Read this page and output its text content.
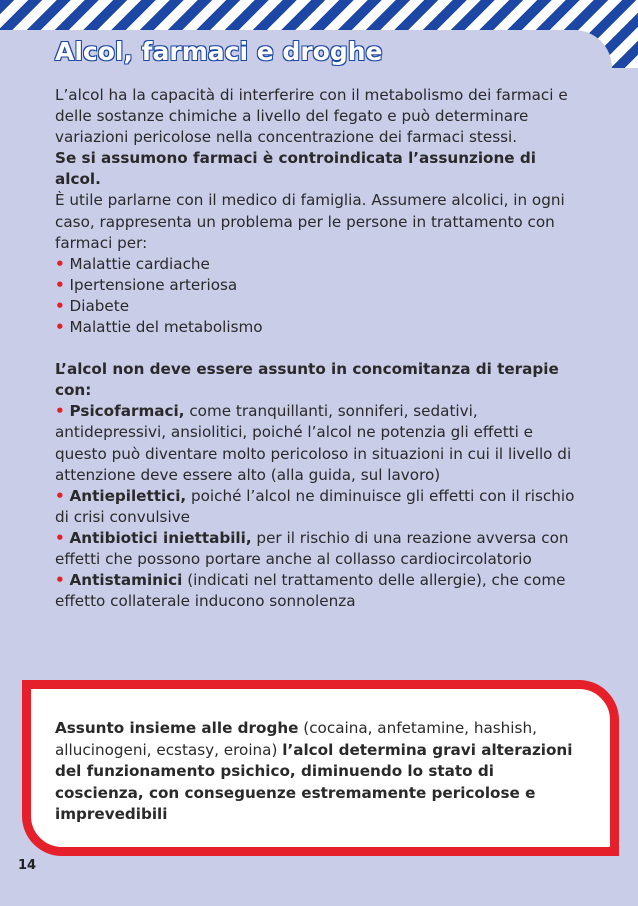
Alcol, farmaci e droghe

L’alcol ha la capacità di interferire con il metabolismo dei farmaci e delle sostanze chimiche a livello del fegato e può determinare variazioni pericolose nella concentrazione dei farmaci stessi.

Se si assumono farmaci è controindicata l’assunzione di alcol.

È utile parlarne con il medico di famiglia. Assumere alcolici, in ogni caso, rappresenta un problema per le persone in trattamento con farmaci per:

• Malattie cardiache

• Ipertensione arteriosa

• Diabete

• Malattie del metabolismo

L’alcol non deve essere assunto in concomitanza di terapie con:

• Psicofarmaci, come tranquillanti, sonniferi, sedativi, antidepressivi, ansiolitici, poiché l’alcol ne potenzia gli effetti e questo può diventare molto pericoloso in situazioni in cui il livello di attenzione deve essere alto (alla guida, sul lavoro)

• Antiepilettici, poiché l’alcol ne diminuisce gli effetti con il rischio di crisi convulsive

• Antibiotici iniettabili, per il rischio di una reazione avversa con effetti che possono portare anche al collasso cardiocircolatorio

• Antistaminici (indicati nel trattamento delle allergie), che come effetto collaterale inducono sonnolenza

Assunto insieme alle droghe (cocaina, anfetamine, hashish, allucinogeni, ecstasy, eroina) l’alcol determina gravi alterazioni del funzionamento psichico, diminuendo lo stato di coscienza, con conseguenze estremamente pericolose e imprevedibili

14
